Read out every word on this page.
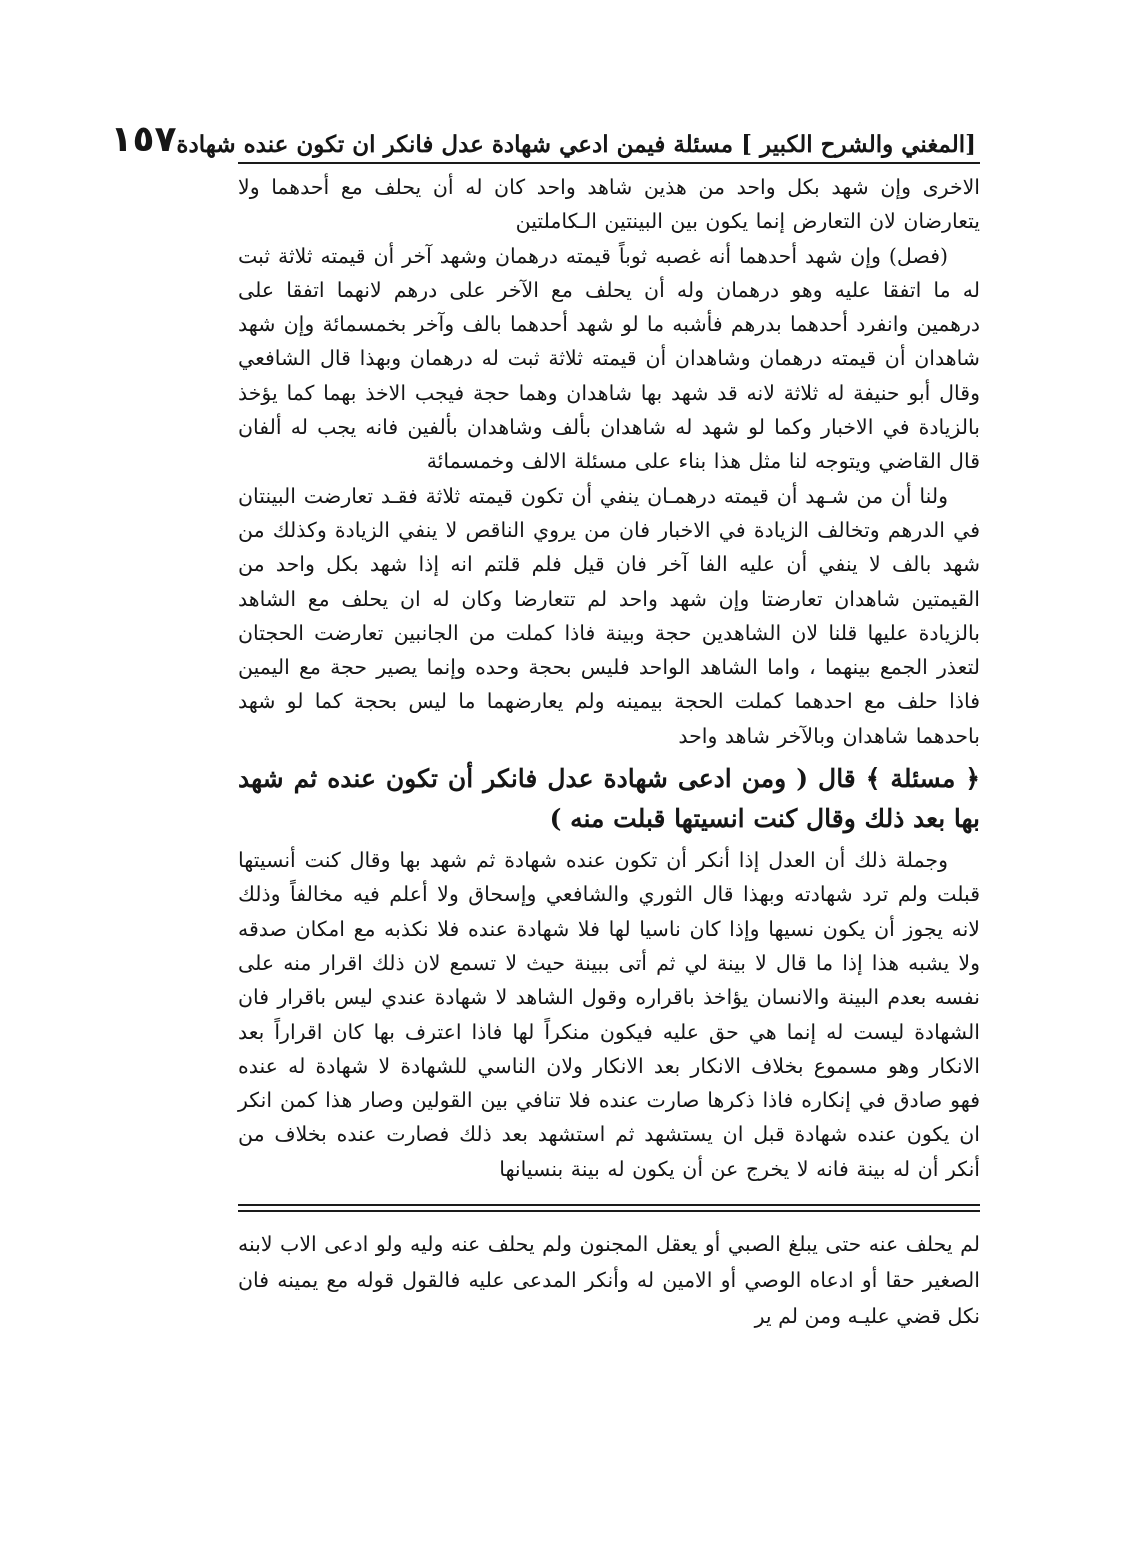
[المغني والشرح الكبير ] مسئلة فيمن ادعي شهادة عدل فانكر ان تكون عنده شهادة
١٥٧

الاخرى وإن شهد بكل واحد من هذين شاهد واحد كان له أن يحلف مع أحدهما ولا يتعارضان لان التعارض إنما يكون بين البينتين الـكاملتين

(فصل) وإن شهد أحدهما أنه غصبه ثوباً قيمته درهمان وشهد آخر أن قيمته ثلاثة ثبت له ما اتفقا عليه وهو درهمان وله أن يحلف مع الآخر على درهم لانهما اتفقا على درهمين وانفرد أحدهما بدرهم فأشبه ما لو شهد أحدهما بالف وآخر بخمسمائة وإن شهد شاهدان أن قيمته درهمان وشاهدان أن قيمته ثلاثة ثبت له درهمان وبهذا قال الشافعي وقال أبو حنيفة له ثلاثة لانه قد شهد بها شاهدان وهما حجة فيجب الاخذ بهما كما يؤخذ بالزيادة في الاخبار وكما لو شهد له شاهدان بألف وشاهدان بألفين فانه يجب له ألفان قال القاضي ويتوجه لنا مثل هذا بناء على مسئلة الالف وخمسمائة

ولنا أن من شـهد أن قيمته درهمـان ينفي أن تكون قيمته ثلاثة فقـد تعارضت البينتان في الدرهم وتخالف الزيادة في الاخبار فان من يروي الناقص لا ينفي الزيادة وكذلك من شهد بالف لا ينفي أن عليه الفا آخر فان قيل فلم قلتم انه إذا شهد بكل واحد من القيمتين شاهدان تعارضتا وإن شهد واحد لم تتعارضا وكان له ان يحلف مع الشاهد بالزيادة عليها قلنا لان الشاهدين حجة وبينة فاذا كملت من الجانبين تعارضت الحجتان لتعذر الجمع بينهما ، واما الشاهد الواحد فليس بحجة وحده وإنما يصير حجة مع اليمين فاذا حلف مع احدهما كملت الحجة بيمينه ولم يعارضهما ما ليس بحجة كما لو شهد باحدهما شاهدان وبالآخر شاهد واحد

﴿ مسئلة ﴾ قال ( ومن ادعى شهادة عدل فانكر أن تكون عنده ثم شهد بها بعد ذلك وقال كنت انسيتها قبلت منه )

وجملة ذلك أن العدل إذا أنكر أن تكون عنده شهادة ثم شهد بها وقال كنت أنسيتها قبلت ولم ترد شهادته وبهذا قال الثوري والشافعي وإسحاق ولا أعلم فيه مخالفاً وذلك لانه يجوز أن يكون نسيها وإذا كان ناسيا لها فلا شهادة عنده فلا نكذبه مع امكان صدقه ولا يشبه هذا إذا ما قال لا بينة لي ثم أتى ببينة حيث لا تسمع لان ذلك اقرار منه على نفسه بعدم البينة والانسان يؤاخذ باقراره وقول الشاهد لا شهادة عندي ليس باقرار فان الشهادة ليست له إنما هي حق عليه فيكون منكراً لها فاذا اعترف بها كان اقراراً بعد الانكار وهو مسموع بخلاف الانكار بعد الانكار ولان الناسي للشهادة لا شهادة له عنده فهو صادق في إنكاره فاذا ذكرها صارت عنده فلا تنافي بين القولين وصار هذا كمن انكر ان يكون عنده شهادة قبل ان يستشهد ثم استشهد بعد ذلك فصارت عنده بخلاف من أنكر أن له بينة فانه لا يخرج عن أن يكون له بينة بنسيانها

لم يحلف عنه حتى يبلغ الصبي أو يعقل المجنون ولم يحلف عنه وليه ولو ادعى الاب لابنه الصغير حقا أو ادعاه الوصي أو الامين له وأنكر المدعى عليه فالقول قوله مع يمينه فان نكل قضي عليـه ومن لم ير
